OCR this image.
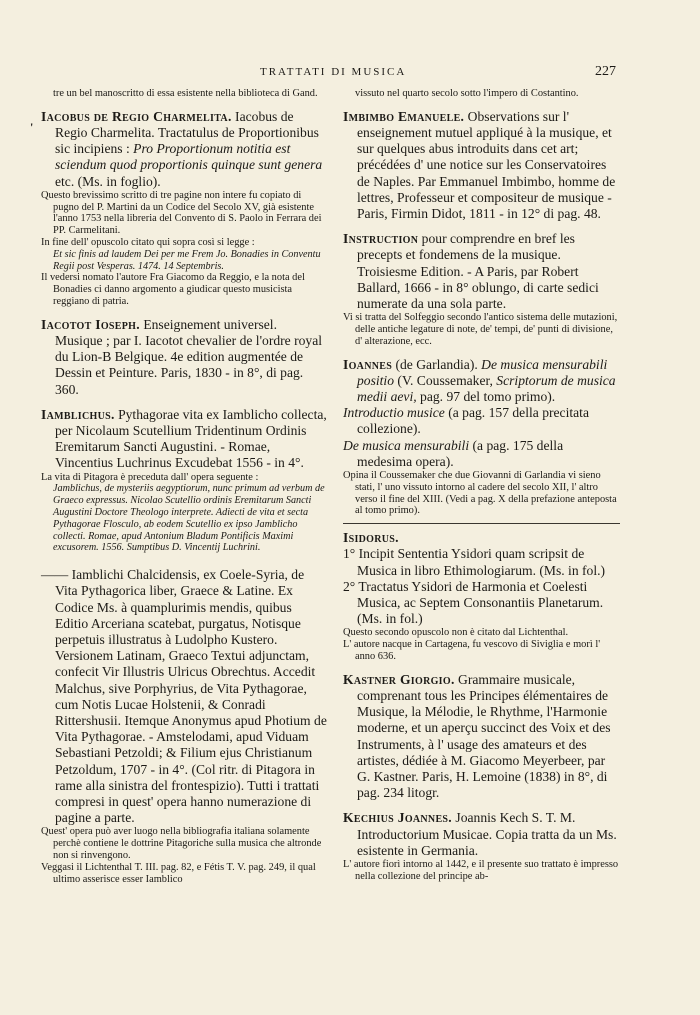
TRATTATI DI MUSICA	227
'

tre un bel manoscritto di essa esistente nella biblioteca di Gand.

Iacobus de Regio Charmelita. Iacobus de Regio Charmelita. Tractatulus de Proportionibus sic incipiens : Pro Proportionum notitia est sciendum quod proportionis quinque sunt genera etc. (Ms. in foglio).

Questo brevissimo scritto di tre pagine non intere fu copiato di pugno del P. Martini da un Codice del Secolo XV, già esistente l'anno 1753 nella libreria del Convento di S. Paolo in Ferrara dei PP. Carmelitani.

In fine dell' opuscolo citato qui sopra così si legge :

Et sic finis ad laudem Dei per me Frem Jo. Bonadies in Conventu Regii post Vesperas. 1474. 14 Septembris.

Il vedersi nomato l'autore Fra Giacomo da Reggio, e la nota del Bonadies ci danno argomento a giudicar questo musicista reggiano di patria.

Iacotot Ioseph. Enseignement universel. Musique ; par I. Iacotot chevalier de l'ordre royal du Lion-B Belgique. 4e edition augmentée de Dessin et Peinture. Paris, 1830 - in 8°, di pag. 360.
Iamblichus. Pythagorae vita ex Iamblicho collecta, per Nicolaum Scutellium Tridentinum Ordinis Eremitarum Sancti Augustini. - Romae, Vincentius Luchrinus Excudebat 1556 - in 4°.

La vita di Pitagora è preceduta dall' opera seguente :

Jamblichus, de mysteriis aegyptiorum, nunc primum ad verbum de Graeco expressus. Nicolao Scutellio ordinis Eremitarum Sancti Augustini Doctore Theologo interprete. Adiecti de vita et secta Pythagorae Flosculo, ab eodem Scutellio ex ipso Jamblicho collecti. Romae, apud Antonium Bladum Pontificis Maximi excusorem. 1556. Sumptibus D. Vincentij Luchrini.

—— Iamblichi Chalcidensis, ex Coele-Syria, de Vita Pythagorica liber, Graece & Latine. Ex Codice Ms. à quamplurimis mendis, quibus Editio Arceriana scatebat, purgatus, Notisque perpetuis illustratus à Ludolpho Kustero. Versionem Latinam, Graeco Textui adjunctam, confecit Vir Illustris Ulricus Obrechtus. Accedit Malchus, sive Porphyrius, de Vita Pythagorae, cum Notis Lucae Holstenii, & Conradi Rittershusii. Itemque Anonymus apud Photium de Vita Pythagorae. - Amstelodami, apud Viduam Sebastiani Petzoldi; & Filium ejus Christianum Petzoldum, 1707 - in 4°. (Col ritr. di Pitagora in rame alla sinistra del frontespizio). Tutti i trattati compresi in quest' opera hanno numerazione di pagine a parte.

Quest' opera può aver luogo nella bibliografia italiana solamente perchè contiene le dottrine Pitagoriche sulla musica che altronde non si rinvengono.

Veggasi il Lichtenthal T. III. pag. 82, e Fétis T. V. pag. 249, il qual ultimo asserisce esser Iamblico

vissuto nel quarto secolo sotto l'impero di Costantino.

Imbimbo Emanuele. Observations sur l' enseignement mutuel appliqué à la musique, et sur quelques abus introduits dans cet art; précédées d' une notice sur les Conservatoires de Naples. Par Emmanuel Imbimbo, homme de lettres, Professeur et compositeur de musique - Paris, Firmin Didot, 1811 - in 12° di pag. 48.
Instruction pour comprendre en bref les precepts et fondemens de la musique. Troisiesme Edition. - A Paris, par Robert Ballard, 1666 - in 8° oblungo, di carte sedici numerate da una sola parte.

Vi si tratta del Solfeggio secondo l'antico sistema delle mutazioni, delle antiche legature di note, de' tempi, de' punti di divisione, d' alterazione, ecc.

Ioannes (de Garlandia). De musica mensurabili positio (V. Coussemaker, Scriptorum de musica medii aevi, pag. 97 del tomo primo).

Introductio musice (a pag. 157 della precitata collezione).

De musica mensurabili (a pag. 175 della medesima opera).

Opina il Coussemaker che due Giovanni di Garlandia vi sieno stati, l' uno vissuto intorno al cadere del secolo XII, l' altro verso il fine del XIII. (Vedi a pag. X della prefazione anteposta al tomo primo).

Isidorus.

1° Incipit Sententia Ysidori quam scripsit de Musica in libro Ethimologiarum. (Ms. in fol.)

2° Tractatus Ysidori de Harmonia et Coelesti Musica, ac Septem Consonantiis Planetarum. (Ms. in fol.)

Questo secondo opuscolo non è citato dal Lichtenthal.

L' autore nacque in Cartagena, fu vescovo di Siviglia e morì l' anno 636.

Kastner Giorgio. Grammaire musicale, comprenant tous les Principes élémentaires de Musique, la Mélodie, le Rhythme, l'Harmonie moderne, et un aperçu succinct des Voix et des Instruments, à l' usage des amateurs et des artistes, dédiée à M. Giacomo Meyerbeer, par G. Kastner. Paris, H. Lemoine (1838) in 8°, di pag. 234 litogr.
Kechius Joannes. Joannis Kech S. T. M. Introductorium Musicae. Copia tratta da un Ms. esistente in Germania.

L' autore fiorì intorno al 1442, e il presente suo trattato è impresso nella collezione del principe ab-
